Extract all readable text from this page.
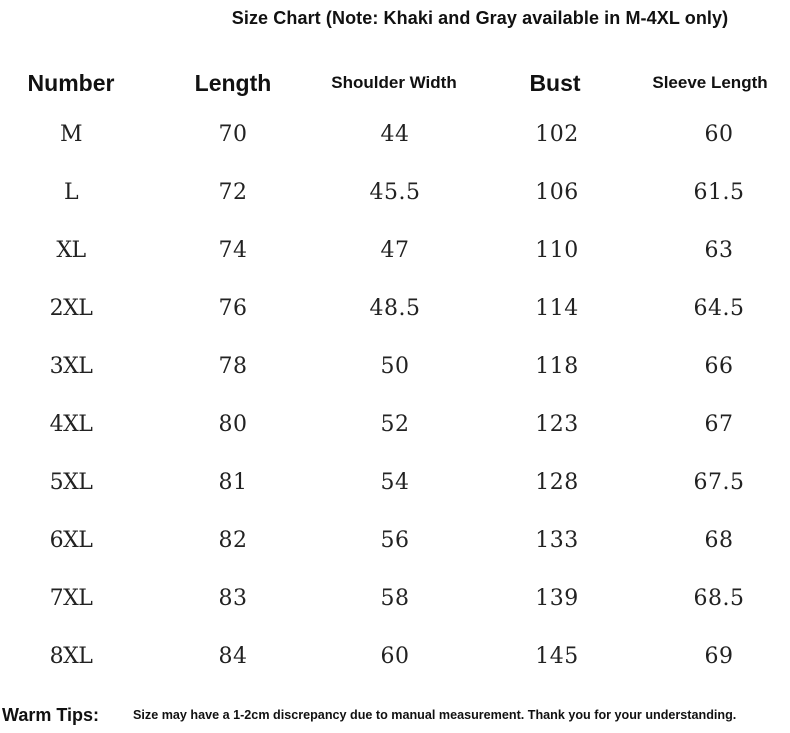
Size Chart (Note: Khaki and Gray available in M-4XL only)
Number	Length	Shoulder Width	Bust	Sleeve Length
M	70	44	102	60
L	72	45.5	106	61.5
XL	74	47	110	63
2XL	76	48.5	114	64.5
3XL	78	50	118	66
4XL	80	52	123	67
5XL	81	54	128	67.5
6XL	82	56	133	68
7XL	83	58	139	68.5
8XL	84	60	145	69
Warm Tips:	Size may have a 1-2cm discrepancy due to manual measurement. Thank you for your understanding.
